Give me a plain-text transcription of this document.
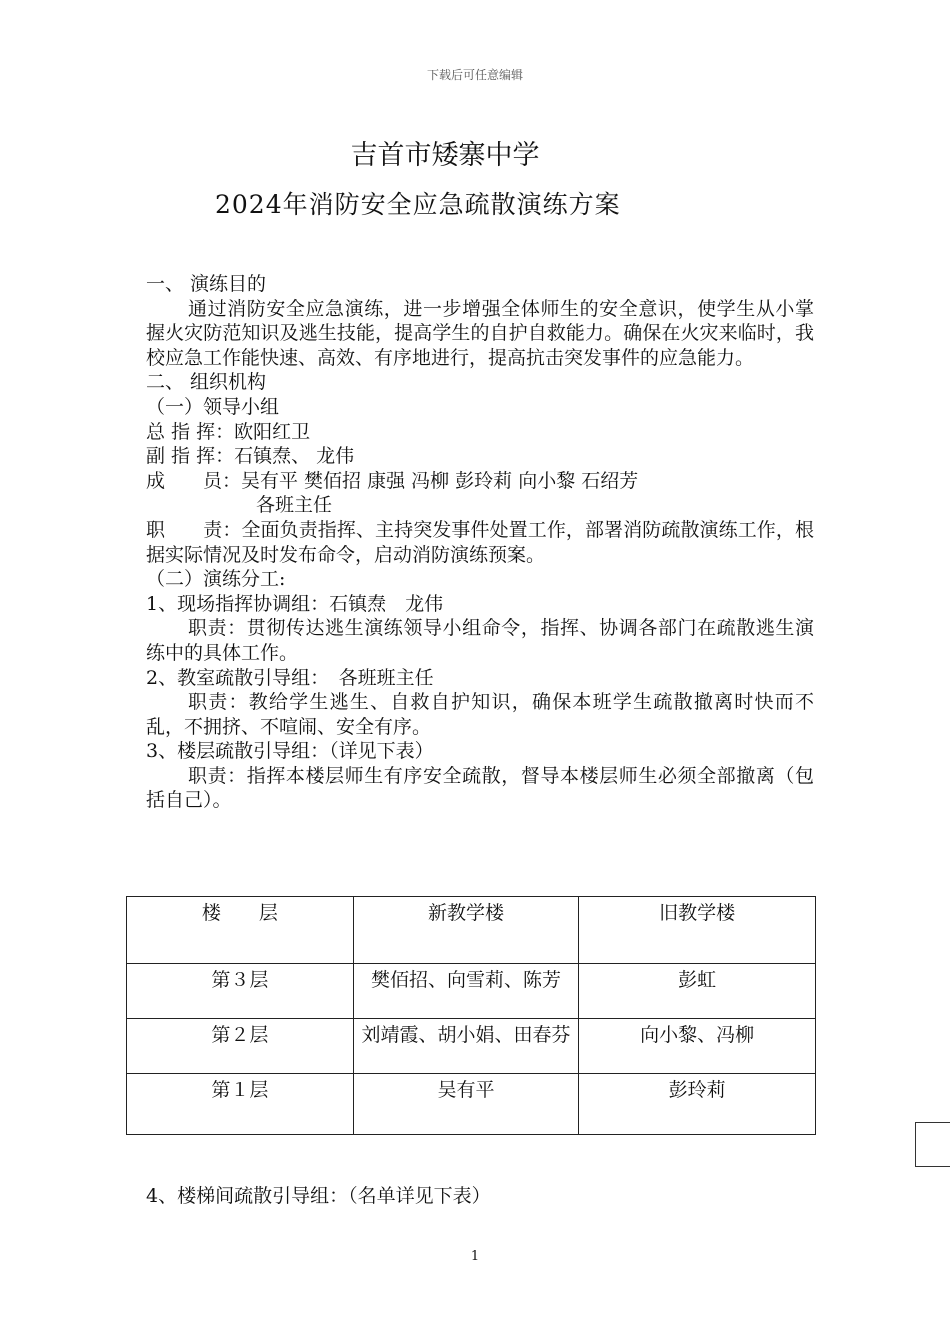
下载后可任意编辑
吉首市矮寨中学
2024年消防安全应急疏散演练方案

一、 演练目的

通过消防安全应急演练，进一步增强全体师生的安全意识，使学生从小掌握火灾防范知识及逃生技能，提高学生的自护自救能力。确保在火灾来临时，我校应急工作能快速、高效、有序地进行，提高抗击突发事件的应急能力。

二、 组织机构

（一）领导小组

总 指 挥：欧阳红卫

副 指 挥：石镇焘、 龙伟

成　　员：吴有平 樊佰招 康强 冯柳 彭玲莉 向小黎 石绍芳

各班主任

职　　责：全面负责指挥、主持突发事件处置工作，部署消防疏散演练工作，根据实际情况及时发布命令，启动消防演练预案。

（二）演练分工:

1、现场指挥协调组：石镇焘　龙伟

职责：贯彻传达逃生演练领导小组命令，指挥、协调各部门在疏散逃生演练中的具体工作。

2、教室疏散引导组：　各班班主任

职责：教给学生逃生、自救自护知识，确保本班学生疏散撤离时快而不乱，不拥挤、不喧闹、安全有序。

3、楼层疏散引导组：（详见下表）

职责：指挥本楼层师生有序安全疏散，督导本楼层师生必须全部撤离（包括自己）。

楼　　层	新教学楼	旧教学楼
第３层	樊佰招、向雪莉、陈芳	彭虹
第２层	刘靖霞、胡小娟、田春芬	向小黎、冯柳
第１层	吴有平	彭玲莉
4、楼梯间疏散引导组：（名单详见下表）
1
